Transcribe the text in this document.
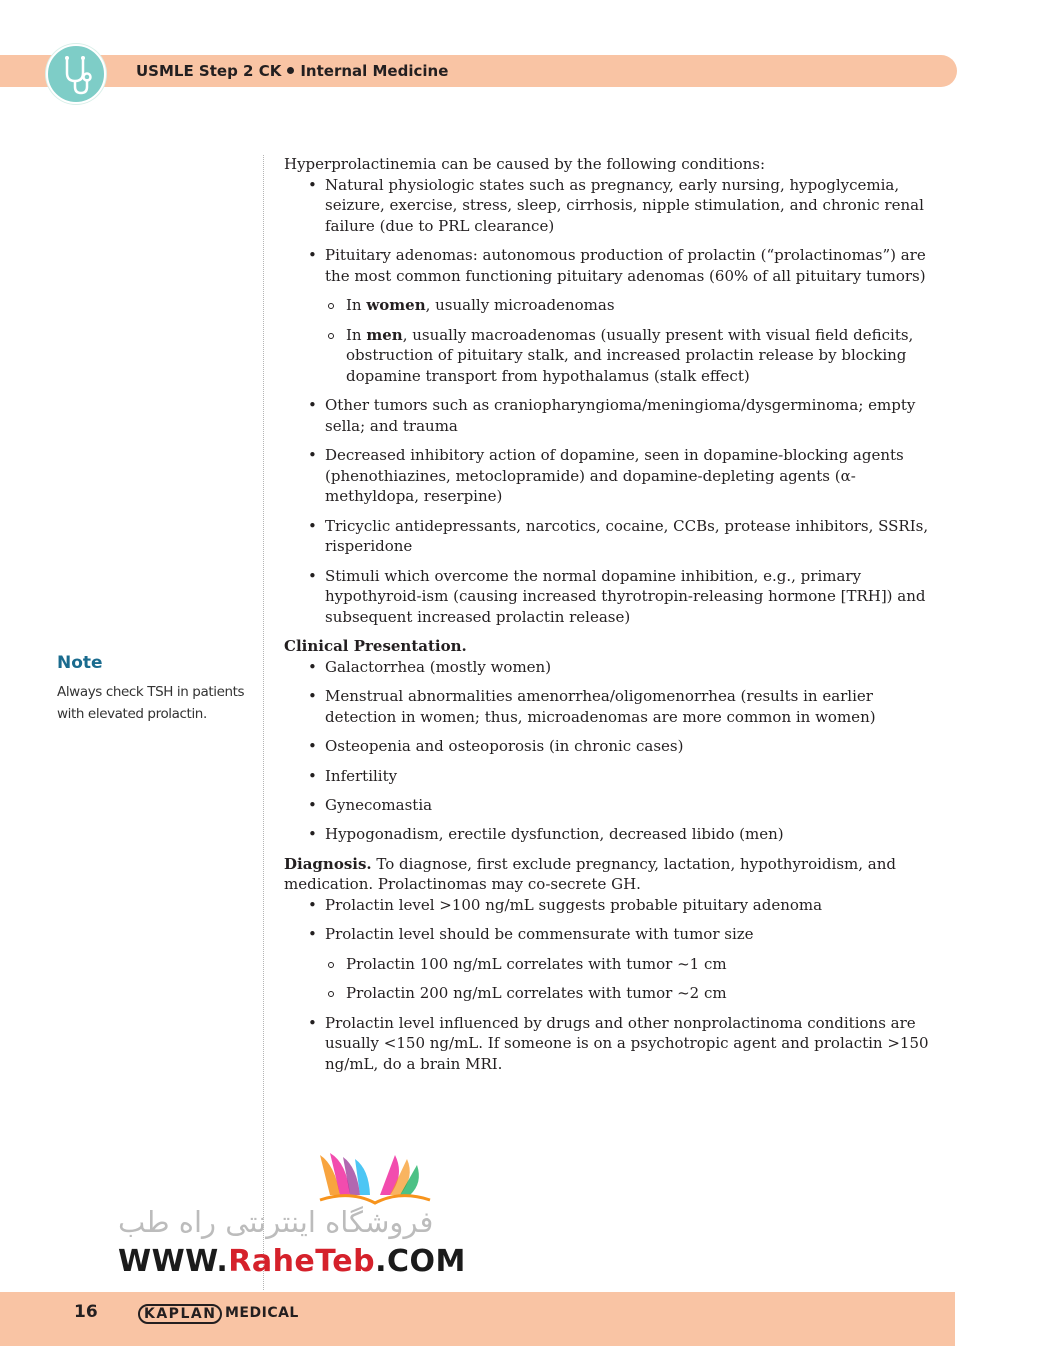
USMLE Step 2 CK Internal Medicine
Note
Always check TSH in patients with elevated prolactin.

Hyperprolactinemia can be caused by the following conditions:

• Natural physiologic states such as pregnancy, early nursing, hypoglycemia, seizure, exercise, stress, sleep, cirrhosis, nipple stimulation, and chronic renal failure (due to PRL clearance)
• Pituitary adenomas: autonomous production of prolactin (“prolactinomas”) are the most common functioning pituitary adenomas (60% of all pituitary tumors)
In women, usually microadenomas
In men, usually macroadenomas (usually present with visual field deficits, obstruction of pituitary stalk, and increased prolactin release by blocking dopamine transport from hypothalamus (stalk effect)
• Other tumors such as craniopharyngioma/meningioma/dysgerminoma; empty sella; and trauma
• Decreased inhibitory action of dopamine, seen in dopamine-blocking agents (phenothiazines, metoclopramide) and dopamine-depleting agents (α-methyldopa, reserpine)
• Tricyclic antidepressants, narcotics, cocaine, CCBs, protease inhibitors, SSRIs, risperidone
• Stimuli which overcome the normal dopamine inhibition, e.g., primary hypothyroid-ism (causing increased thyrotropin-releasing hormone [TRH]) and subsequent increased prolactin release)

Clinical Presentation.

• Galactorrhea (mostly women)
• Menstrual abnormalities amenorrhea/oligomenorrhea (results in earlier detection in women; thus, microadenomas are more common in women)
• Osteopenia and osteoporosis (in chronic cases)
• Infertility
• Gynecomastia
• Hypogonadism, erectile dysfunction, decreased libido (men)

Diagnosis. To diagnose, first exclude pregnancy, lactation, hypothyroidism, and medication. Prolactinomas may co-secrete GH.

• Prolactin level >100 ng/mL suggests probable pituitary adenoma
• Prolactin level should be commensurate with tumor size
Prolactin 100 ng/mL correlates with tumor ~1 cm
Prolactin 200 ng/mL correlates with tumor ~2 cm
• Prolactin level influenced by drugs and other nonprolactinoma conditions are usually <150 ng/mL. If someone is on a psychotropic agent and prolactin >150 ng/mL, do a brain MRI.
فروشگاه اینترنتی راه طب
WWW.RaheTeb.COM
16	KAPLAN MEDICAL
